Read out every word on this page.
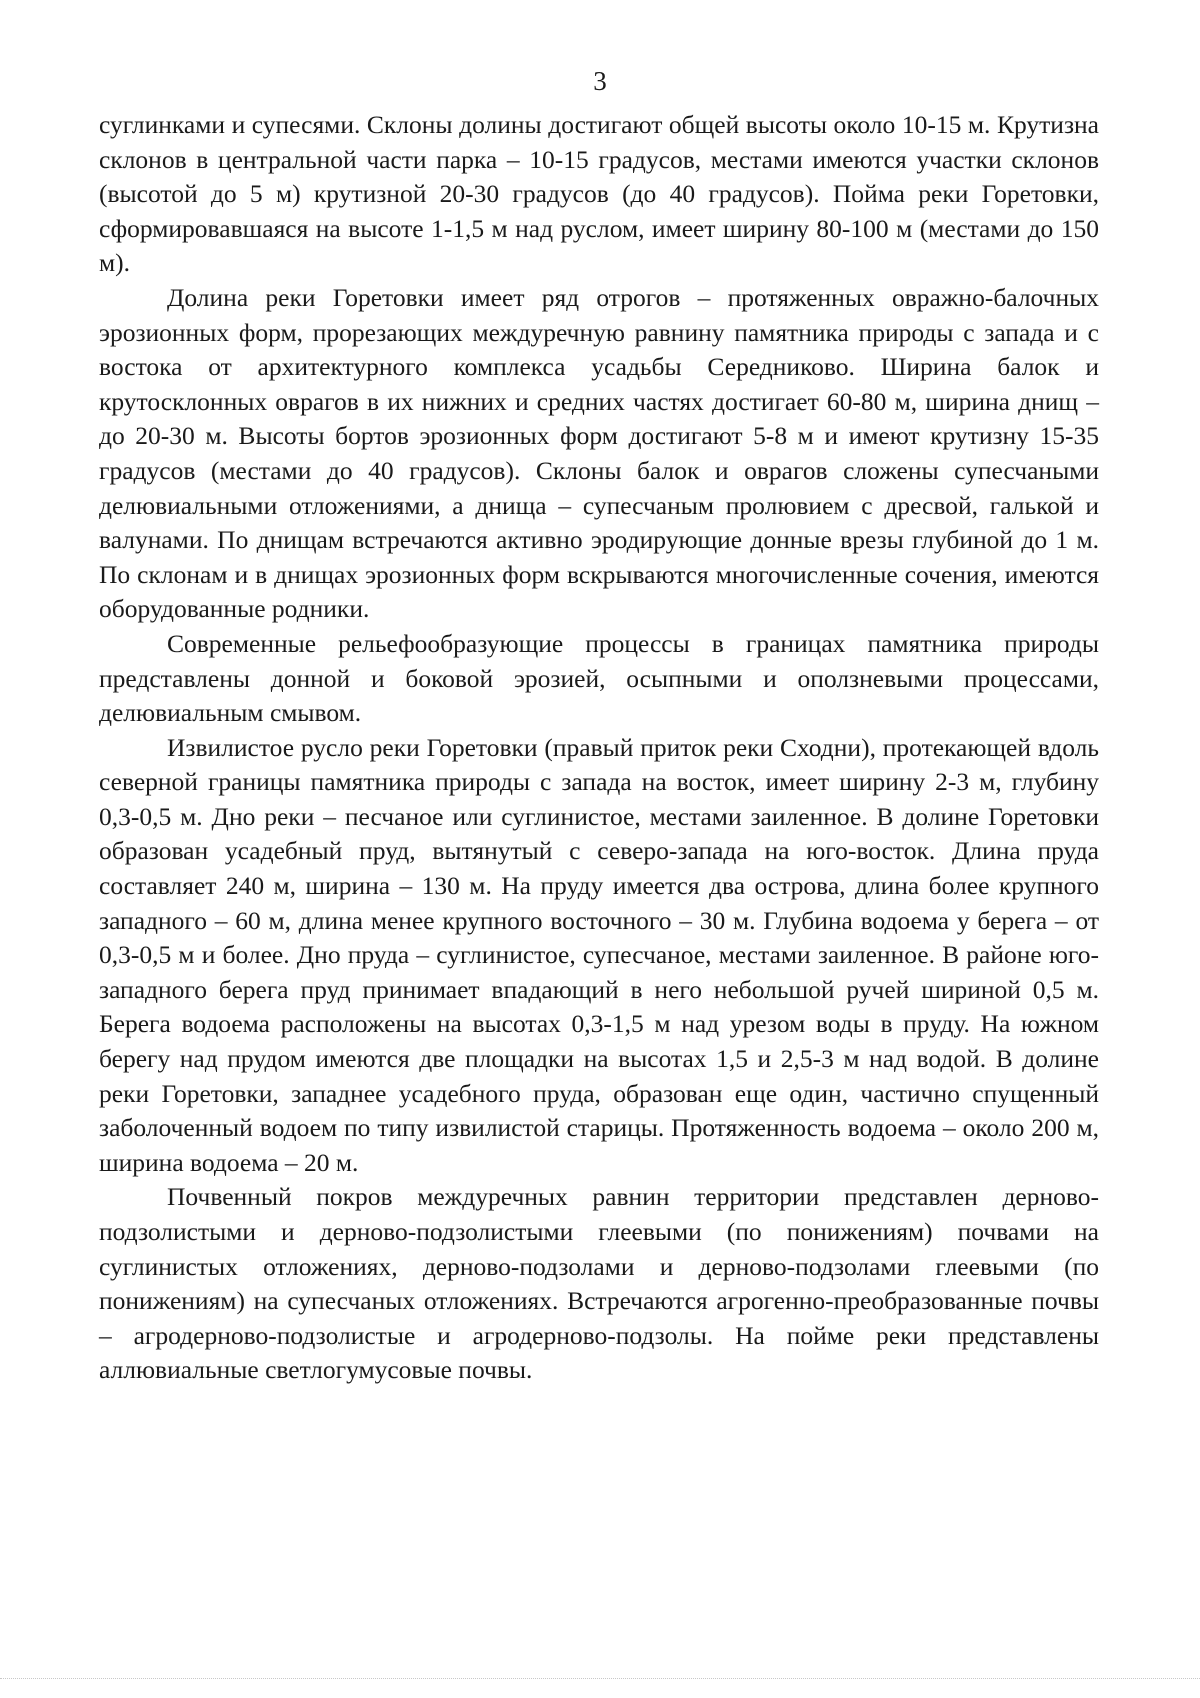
3

суглинками и супесями. Склоны долины достигают общей высоты около 10-15 м. Крутизна склонов в центральной части парка – 10-15 градусов, местами имеются участки склонов (высотой до 5 м) крутизной 20-30 градусов (до 40 градусов). Пойма реки Горетовки, сформировавшаяся на высоте 1-1,5 м над руслом, имеет ширину 80-100 м (местами до 150 м).

Долина реки Горетовки имеет ряд отрогов – протяженных овражно-балочных эрозионных форм, прорезающих междуречную равнину памятника природы с запада и с востока от архитектурного комплекса усадьбы Середниково. Ширина балок и крутосклонных оврагов в их нижних и средних частях достигает 60-80 м, ширина днищ – до 20-30 м. Высоты бортов эрозионных форм достигают 5-8 м и имеют крутизну 15-35 градусов (местами до 40 градусов). Склоны балок и оврагов сложены супесчаными делювиальными отложениями, а днища – супесчаным пролювием с дресвой, галькой и валунами. По днищам встречаются активно эродирующие донные врезы глубиной до 1 м. По склонам и в днищах эрозионных форм вскрываются многочисленные сочения, имеются оборудованные родники.

Современные рельефообразующие процессы в границах памятника природы представлены донной и боковой эрозией, осыпными и оползневыми процессами, делювиальным смывом.

Извилистое русло реки Горетовки (правый приток реки Сходни), протекающей вдоль северной границы памятника природы с запада на восток, имеет ширину 2-3 м, глубину 0,3-0,5 м. Дно реки – песчаное или суглинистое, местами заиленное. В долине Горетовки образован усадебный пруд, вытянутый с северо-запада на юго-восток. Длина пруда составляет 240 м, ширина – 130 м. На пруду имеется два острова, длина более крупного западного – 60 м, длина менее крупного восточного – 30 м. Глубина водоема у берега – от 0,3-0,5 м и более. Дно пруда – суглинистое, супесчаное, местами заиленное. В районе юго-западного берега пруд принимает впадающий в него небольшой ручей шириной 0,5 м. Берега водоема расположены на высотах 0,3-1,5 м над урезом воды в пруду. На южном берегу над прудом имеются две площадки на высотах 1,5 и 2,5-3 м над водой. В долине реки Горетовки, западнее усадебного пруда, образован еще один, частично спущенный заболоченный водоем по типу извилистой старицы. Протяженность водоема – около 200 м, ширина водоема – 20 м.

Почвенный покров междуречных равнин территории представлен дерново-подзолистыми и дерново-подзолистыми глеевыми (по понижениям) почвами на суглинистых отложениях, дерново-подзолами и дерново-подзолами глеевыми (по понижениям) на супесчаных отложениях. Встречаются агрогенно-преобразованные почвы – агродерново-подзолистые и агродерново-подзолы. На пойме реки представлены аллювиальные светлогумусовые почвы.
